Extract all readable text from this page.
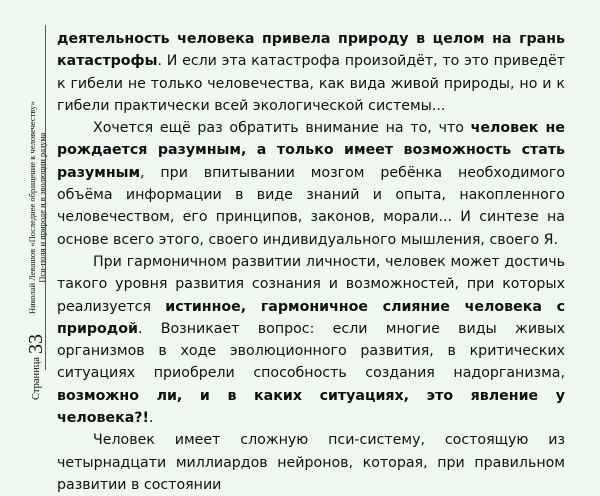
Страница
33
Николай Левашов «Последнее обращение к человечеству» Пси-поля и природе и в эволюции разума

деятельность человека привела природу в целом на грань катастрофы. И если эта катастрофа произойдёт, то это приведёт к гибели не только человечества, как вида живой природы, но и к гибели практически всей экологической системы...

Хочется ещё раз обратить внимание на то, что человек не рождается разумным, а только имеет возможность стать разумным, при впитывании мозгом ребёнка необходимого объёма информации в виде знаний и опыта, накопленного человечеством, его принципов, законов, морали... И синтезе на основе всего этого, своего индивидуального мышления, своего Я.

При гармоничном развитии личности, человек может достичь такого уровня развития сознания и возможностей, при которых реализуется истинное, гармоничное слияние человека с природой. Возникает вопрос: если многие виды живых организмов в ходе эволюционного развития, в критических ситуациях приобрели способность создания надорганизма, возможно ли, и в каких ситуациях, это явление у человека?!.

Человек имеет сложную пси-систему, состоящую из четырнадцати миллиардов нейронов, которая, при правильном развитии в состоянии
